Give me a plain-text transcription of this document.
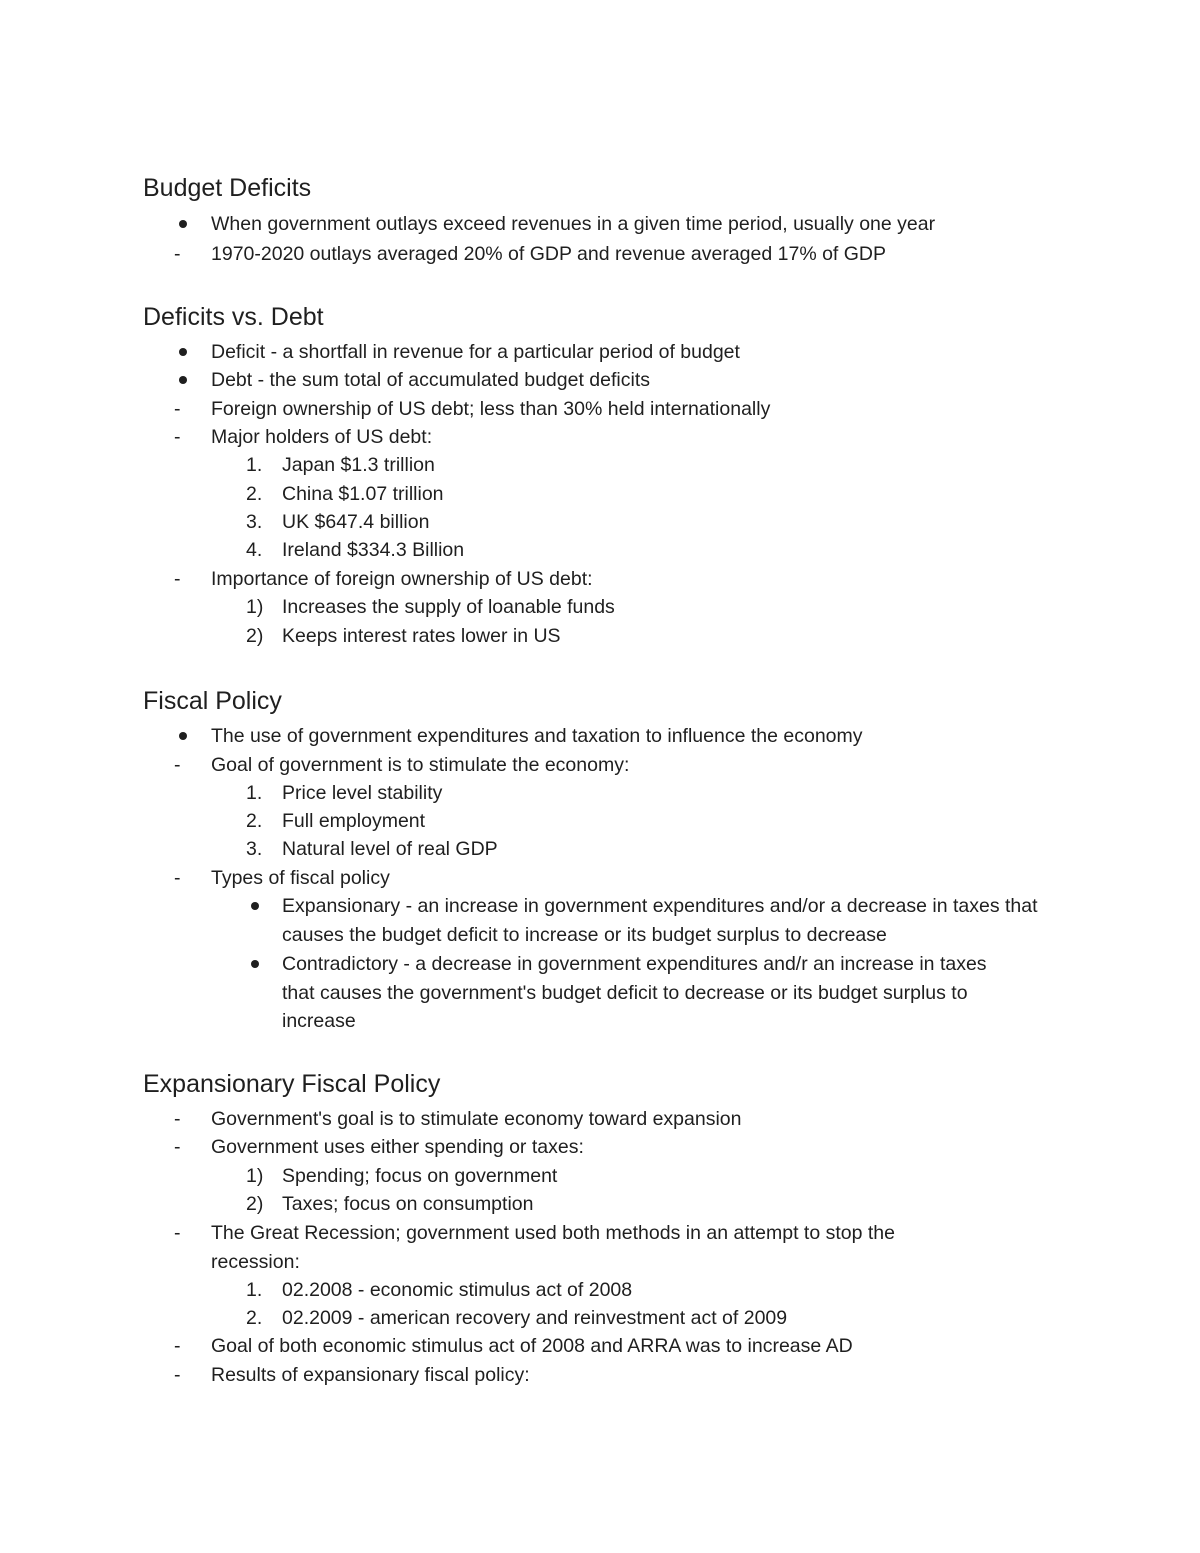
Budget Deficits
When government outlays exceed revenues in a given time period, usually one year
- 1970-2020 outlays averaged 20% of GDP and revenue averaged 17% of GDP
Deficits vs. Debt
Deficit - a shortfall in revenue for a particular period of budget
Debt - the sum total of accumulated budget deficits
- Foreign ownership of US debt; less than 30% held internationally
- Major holders of US debt:
1. Japan $1.3 trillion
2. China $1.07 trillion
3. UK $647.4 billion
4. Ireland $334.3 Billion
- Importance of foreign ownership of US debt:
1) Increases the supply of loanable funds
2) Keeps interest rates lower in US
Fiscal Policy
The use of government expenditures and taxation to influence the economy
- Goal of government is to stimulate the economy:
1. Price level stability
2. Full employment
3. Natural level of real GDP
- Types of fiscal policy
Expansionary - an increase in government expenditures and/or a decrease in taxes that causes the budget deficit to increase or its budget surplus to decrease
Contradictory - a decrease in government expenditures and/r an increase in taxes that causes the government's budget deficit to decrease or its budget surplus to increase
Expansionary Fiscal Policy
- Government's goal is to stimulate economy toward expansion
- Government uses either spending or taxes:
1) Spending; focus on government
2) Taxes; focus on consumption
- The Great Recession; government used both methods in an attempt to stop the recession:
1. 02.2008 - economic stimulus act of 2008
2. 02.2009 - american recovery and reinvestment act of 2009
- Goal of both economic stimulus act of 2008 and ARRA was to increase AD
- Results of expansionary fiscal policy:
